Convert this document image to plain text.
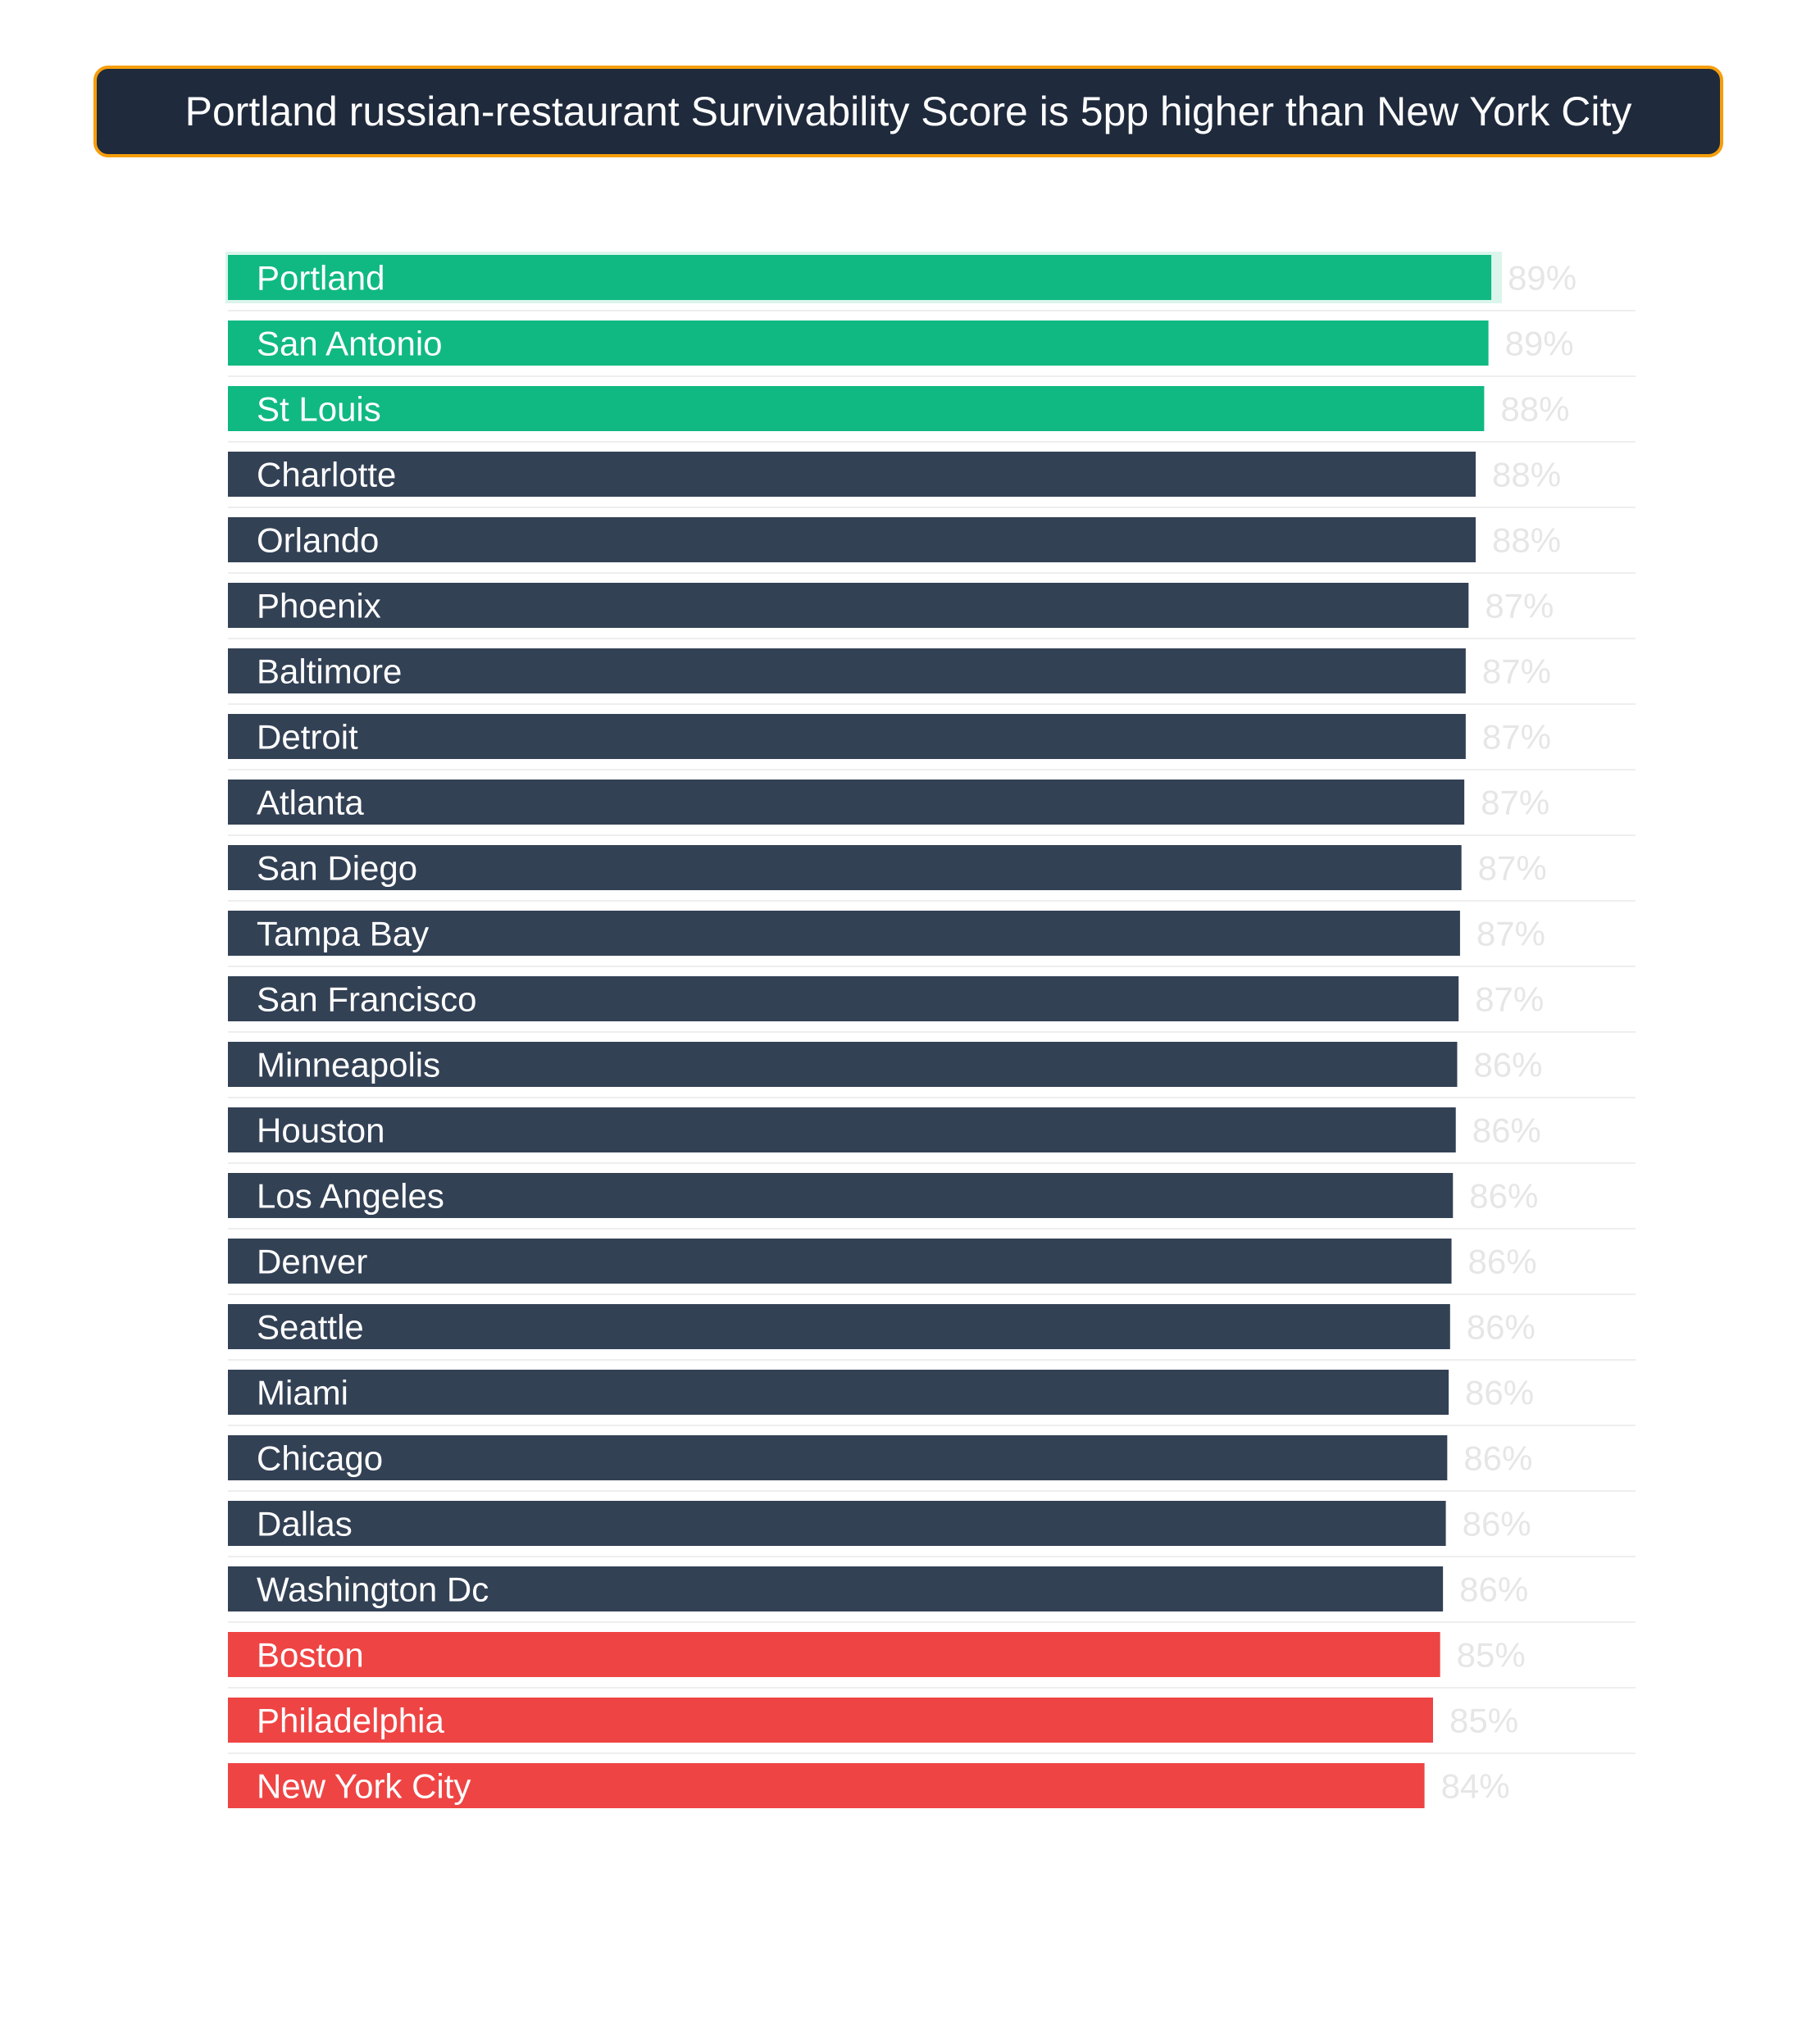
Portland russian-restaurant Survivability Score is 5pp higher than New York City
Portland	89%
San Antonio	89%
St Louis	88%
Charlotte	88%
Orlando	88%
Phoenix	87%
Baltimore	87%
Detroit	87%
Atlanta	87%
San Diego	87%
Tampa Bay	87%
San Francisco	87%
Minneapolis	86%
Houston	86%
Los Angeles	86%
Denver	86%
Seattle	86%
Miami	86%
Chicago	86%
Dallas	86%
Washington Dc	86%
Boston	85%
Philadelphia	85%
New York City	84%
